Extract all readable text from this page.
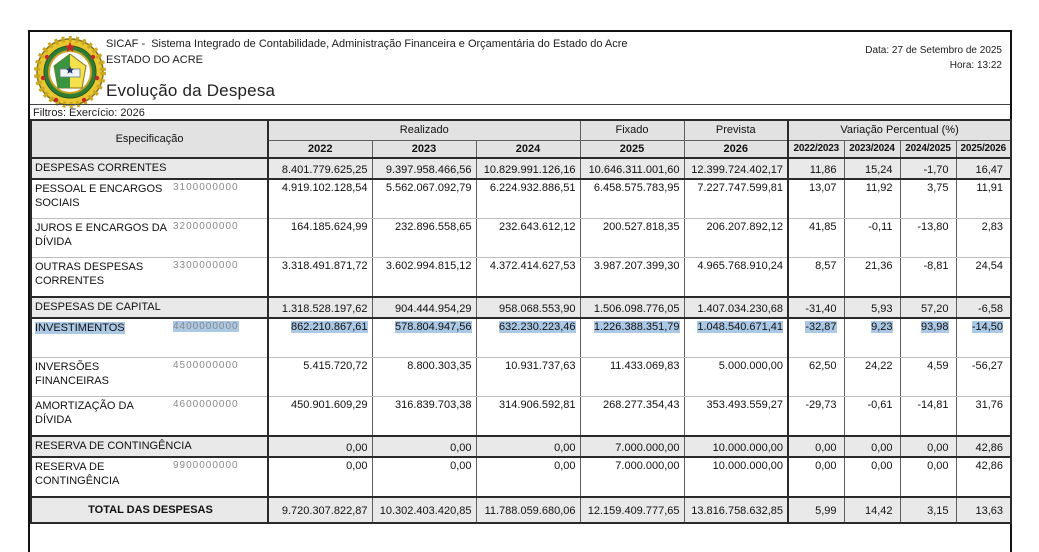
SICAF -  Sistema Integrado de Contabilidade, Administração Financeira e Orçamentária do Estado do Acre
ESTADO DO ACRE
Evolução da Despesa
Data: 27 de Setembro de 2025
Hora: 13:22
Filtros: Exercício: 2026
Especificação		Realizado			Fixado	Prevista	Variação Percentual (%)			
		2022	2023	2024	2025	2026	2022/2023	2023/2024	2024/2025	2025/2026
DESPESAS CORRENTES		8.401.779.625,25	9.397.958.466,56	10.829.991.126,16	10.646.311.001,60	12.399.724.402,17	11,86	15,24	-1,70	16,47
PESSOAL E ENCARGOS SOCIAIS	3100000000	4.919.102.128,54	5.562.067.092,79	6.224.932.886,51	6.458.575.783,95	7.227.747.599,81	13,07	11,92	3,75	11,91
JUROS E ENCARGOS DA DÍVIDA	3200000000	164.185.624,99	232.896.558,65	232.643.612,12	200.527.818,35	206.207.892,12	41,85	-0,11	-13,80	2,83
OUTRAS DESPESAS CORRENTES	3300000000	3.318.491.871,72	3.602.994.815,12	4.372.414.627,53	3.987.207.399,30	4.965.768.910,24	8,57	21,36	-8,81	24,54
DESPESAS DE CAPITAL		1.318.528.197,62	904.444.954,29	958.068.553,90	1.506.098.776,05	1.407.034.230,68	-31,40	5,93	57,20	-6,58
INVESTIMENTOS	4400000000	862.210.867,61	578.804.947,56	632.230.223,46	1.226.388.351,79	1.048.540.671,41	-32,87	9,23	93,98	-14,50
INVERSÕES FINANCEIRAS	4500000000	5.415.720,72	8.800.303,35	10.931.737,63	11.433.069,83	5.000.000,00	62,50	24,22	4,59	-56,27
AMORTIZAÇÃO DA DÍVIDA	4600000000	450.901.609,29	316.839.703,38	314.906.592,81	268.277.354,43	353.493.559,27	-29,73	-0,61	-14,81	31,76
RESERVA DE CONTINGÊNCIA		0,00	0,00	0,00	7.000.000,00	10.000.000,00	0,00	0,00	0,00	42,86
RESERVA DE CONTINGÊNCIA	9900000000	0,00	0,00	0,00	7.000.000,00	10.000.000,00	0,00	0,00	0,00	42,86
TOTAL DAS DESPESAS		9.720.307.822,87	10.302.403.420,85	11.788.059.680,06	12.159.409.777,65	13.816.758.632,85	5,99	14,42	3,15	13,63
